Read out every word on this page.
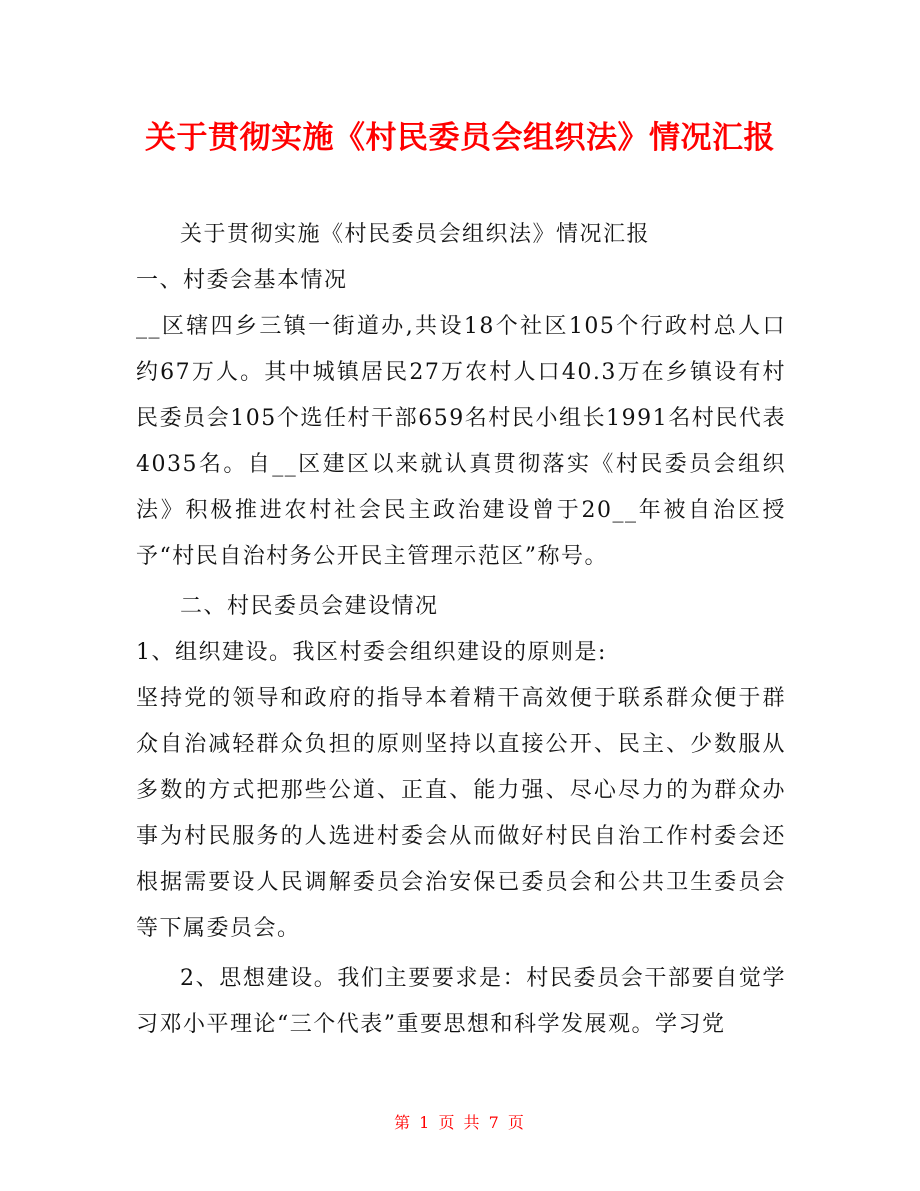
关于贯彻实施《村民委员会组织法》情况汇报

关于贯彻实施《村民委员会组织法》情况汇报

一、村委会基本情况

__区辖四乡三镇一街道办,共设18个社区105个行政村总人口约67万人。其中城镇居民27万农村人口40.3万在乡镇设有村民委员会105个选任村干部659名村民小组长1991名村民代表4035名。自__区建区以来就认真贯彻落实《村民委员会组织法》积极推进农村社会民主政治建设曾于20__年被自治区授予“村民自治村务公开民主管理示范区”称号。

二、村民委员会建设情况

1、组织建设。我区村委会组织建设的原则是:

坚持党的领导和政府的指导本着精干高效便于联系群众便于群众自治减轻群众负担的原则坚持以直接公开、民主、少数服从多数的方式把那些公道、正直、能力强、尽心尽力的为群众办事为村民服务的人选进村委会从而做好村民自治工作村委会还根据需要设人民调解委员会治安保已委员会和公共卫生委员会等下属委员会。

2、思想建设。我们主要要求是：村民委员会干部要自觉学习邓小平理论“三个代表”重要思想和科学发展观。学习党

第 1 页 共 7 页
